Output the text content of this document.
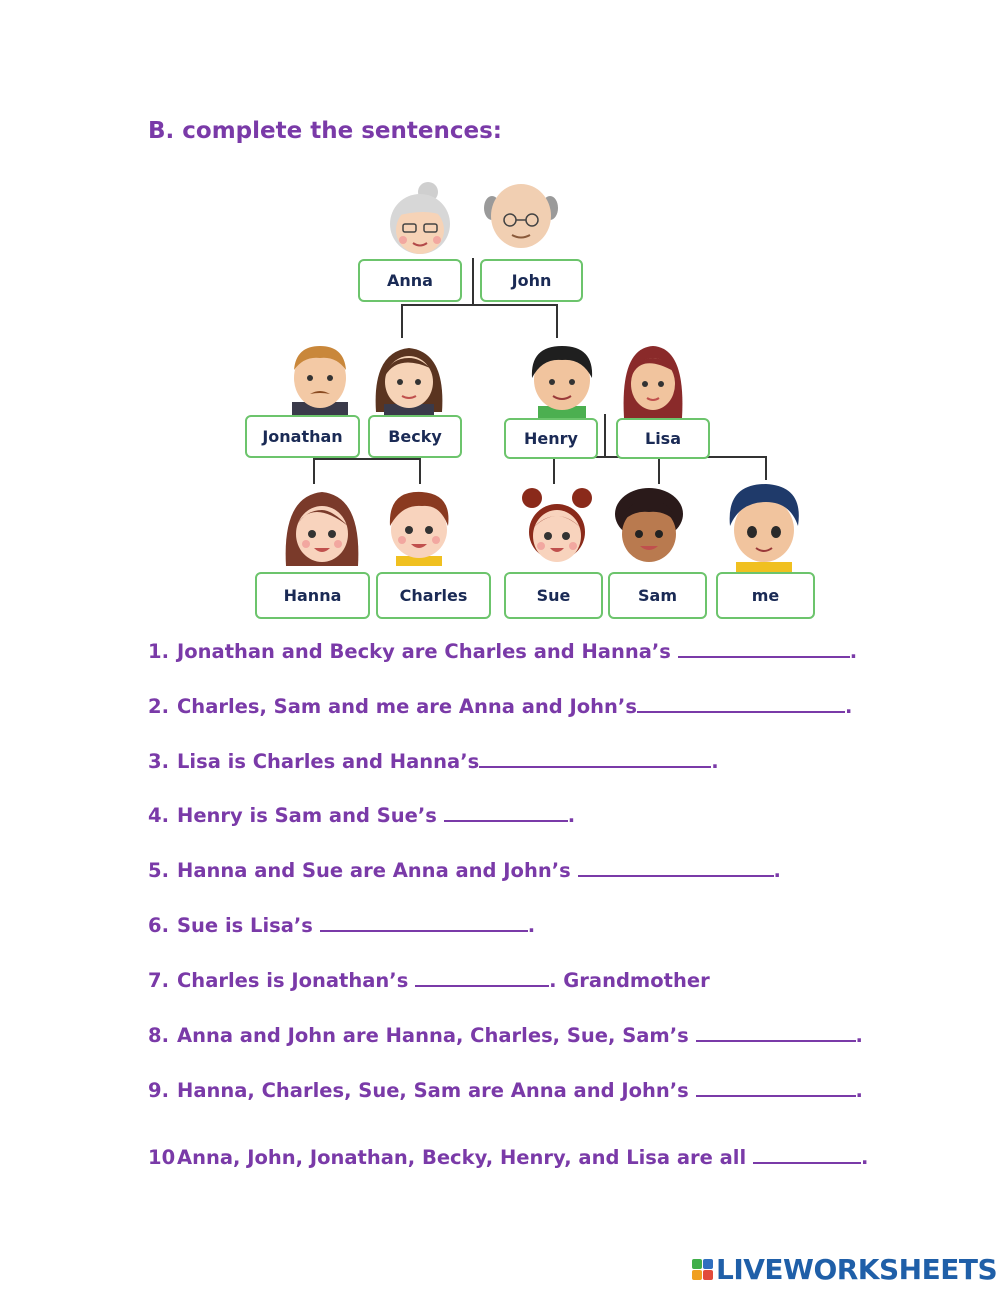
B. complete the sentences:
Anna	John
Jonathan	Becky	Henry	Lisa
Hanna	Charles	Sue	Sam	me
1. Jonathan and Becky are Charles and Hanna’s	.
2. Charles, Sam and me are Anna and John’s	.
3. Lisa is Charles and Hanna’s	.
4. Henry is Sam and Sue’s	.
5. Hanna and Sue are Anna and John’s	.
6. Sue is Lisa’s	.
7. Charles is Jonathan’s	. Grandmother
8. Anna and John are Hanna, Charles, Sue, Sam’s	.
9. Hanna, Charles, Sue, Sam are Anna and John’s	.
10Anna, John, Jonathan, Becky, Henry, and Lisa are all	.
LIVEWORKSHEETS
